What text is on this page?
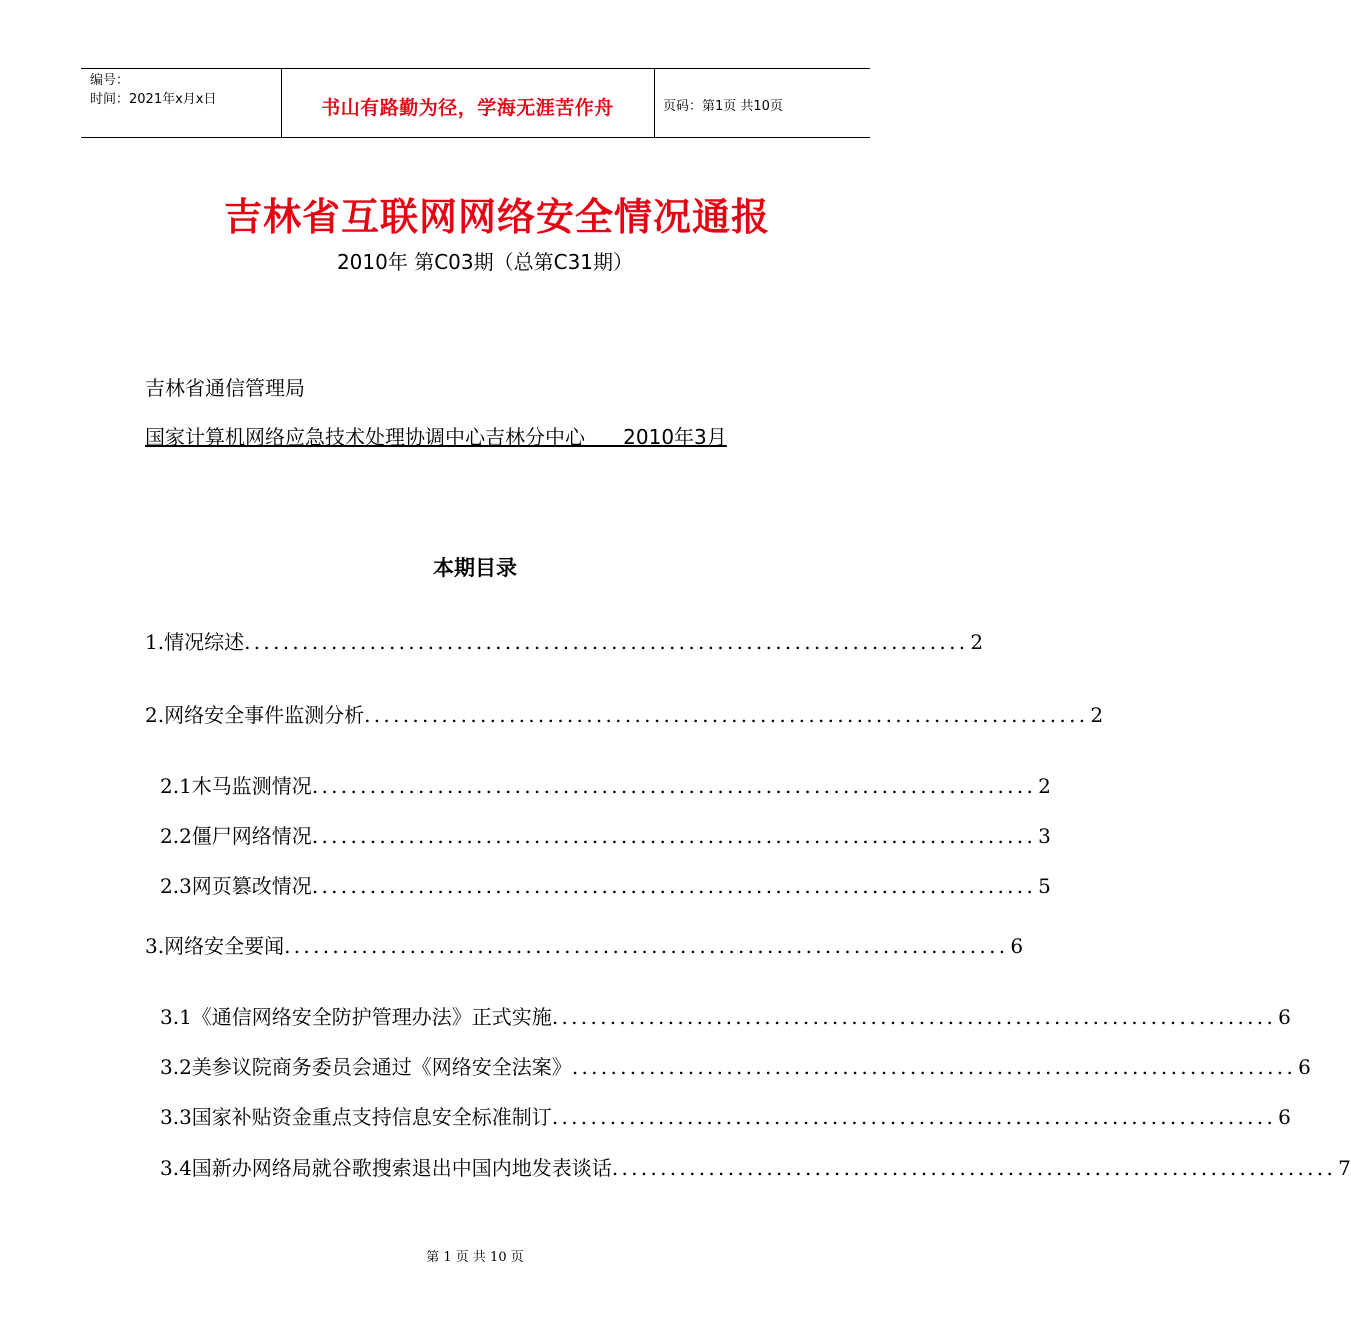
编号：
时间：2021年x月x日	书山有路勤为径，学海无涯苦作舟	页码：第1页 共10页
吉林省互联网网络安全情况通报
2010年 第C03期（总第C31期）
吉林省通信管理局
国家计算机网络应急技术处理协调中心吉林分中心      2010年3月
本期目录
1.情况综述 ........................................................................... 2
2.网络安全事件监测分析 ........................................................................... 2
2.1木马监测情况 ........................................................................... 2
2.2僵尸网络情况 ........................................................................... 3
2.3网页篡改情况 ........................................................................... 5
3.网络安全要闻 ........................................................................... 6
3.1《通信网络安全防护管理办法》正式实施 ........................................................................... 6
3.2美参议院商务委员会通过《网络安全法案》 ........................................................................... 6
3.3国家补贴资金重点支持信息安全标准制订 ........................................................................... 6
3.4国新办网络局就谷歌搜索退出中国内地发表谈话 ........................................................................... 7
第 1 页 共 10 页
